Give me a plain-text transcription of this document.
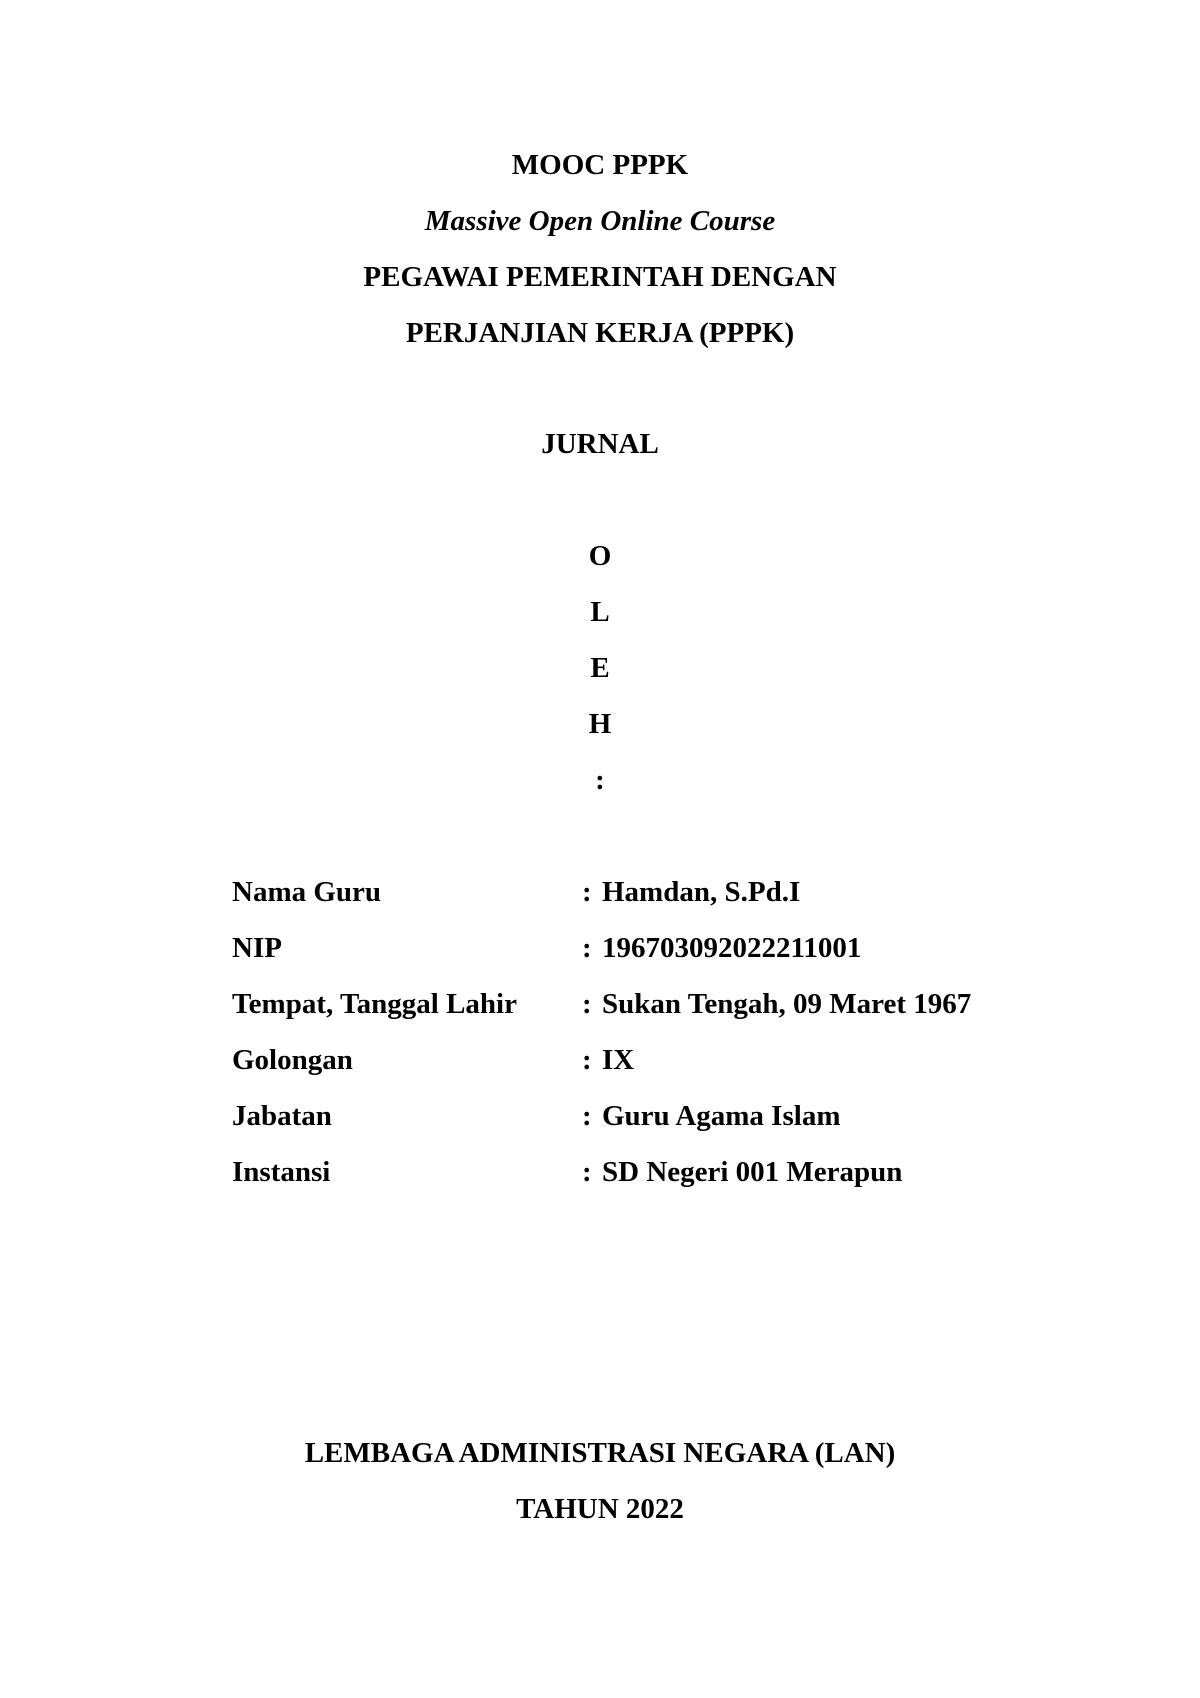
MOOC PPPK
Massive Open Online Course
PEGAWAI PEMERINTAH DENGAN
PERJANJIAN KERJA (PPPK)
JURNAL
O
L
E
H
:
Nama Guru	: Hamdan, S.Pd.I
NIP	: 196703092022211001
Tempat, Tanggal Lahir : Sukan Tengah, 09 Maret 1967
Golongan	: IX
Jabatan	: Guru Agama Islam
Instansi	: SD Negeri 001 Merapun
LEMBAGA ADMINISTRASI NEGARA (LAN)
TAHUN 2022
